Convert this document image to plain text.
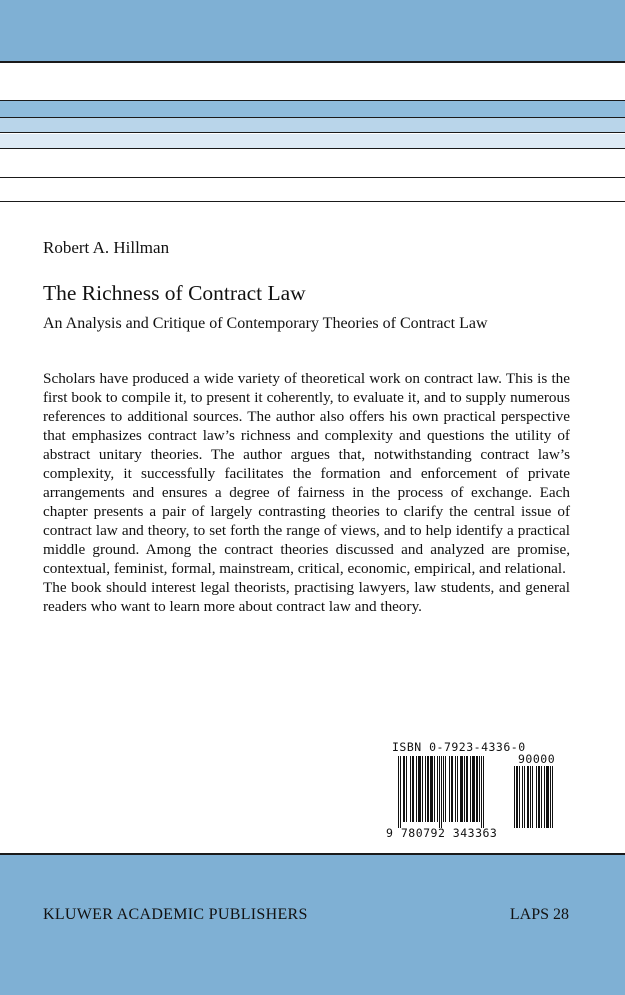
Robert A. Hillman
The Richness of Contract Law
An Analysis and Critique of Contemporary Theories of Contract Law

Scholars have produced a wide variety of theoretical work on contract law. This is the first book to compile it, to present it coherently, to evaluate it, and to supply numerous references to additional sources. The author also offers his own practical perspective that emphasizes contract law’s richness and complexity and questions the utility of abstract unitary theories. The author argues that, notwithstanding contract law’s complexity, it successfully facilitates the formation and enforcement of private arrangements and ensures a degree of fairness in the process of exchange. Each chapter presents a pair of largely contrasting theories to clarify the central issue of contract law and theory, to set forth the range of views, and to help identify a practical middle ground. Among the contract theories discussed and analyzed are promise, contextual, feminist, formal, mainstream, critical, economic, empirical, and relational.

The book should interest legal theorists, practising lawyers, law students, and general readers who want to learn more about contract law and theory.

ISBN 0-7923-4336-0
90000
9 780792 343363
KLUWER ACADEMIC PUBLISHERS	LAPS 28
